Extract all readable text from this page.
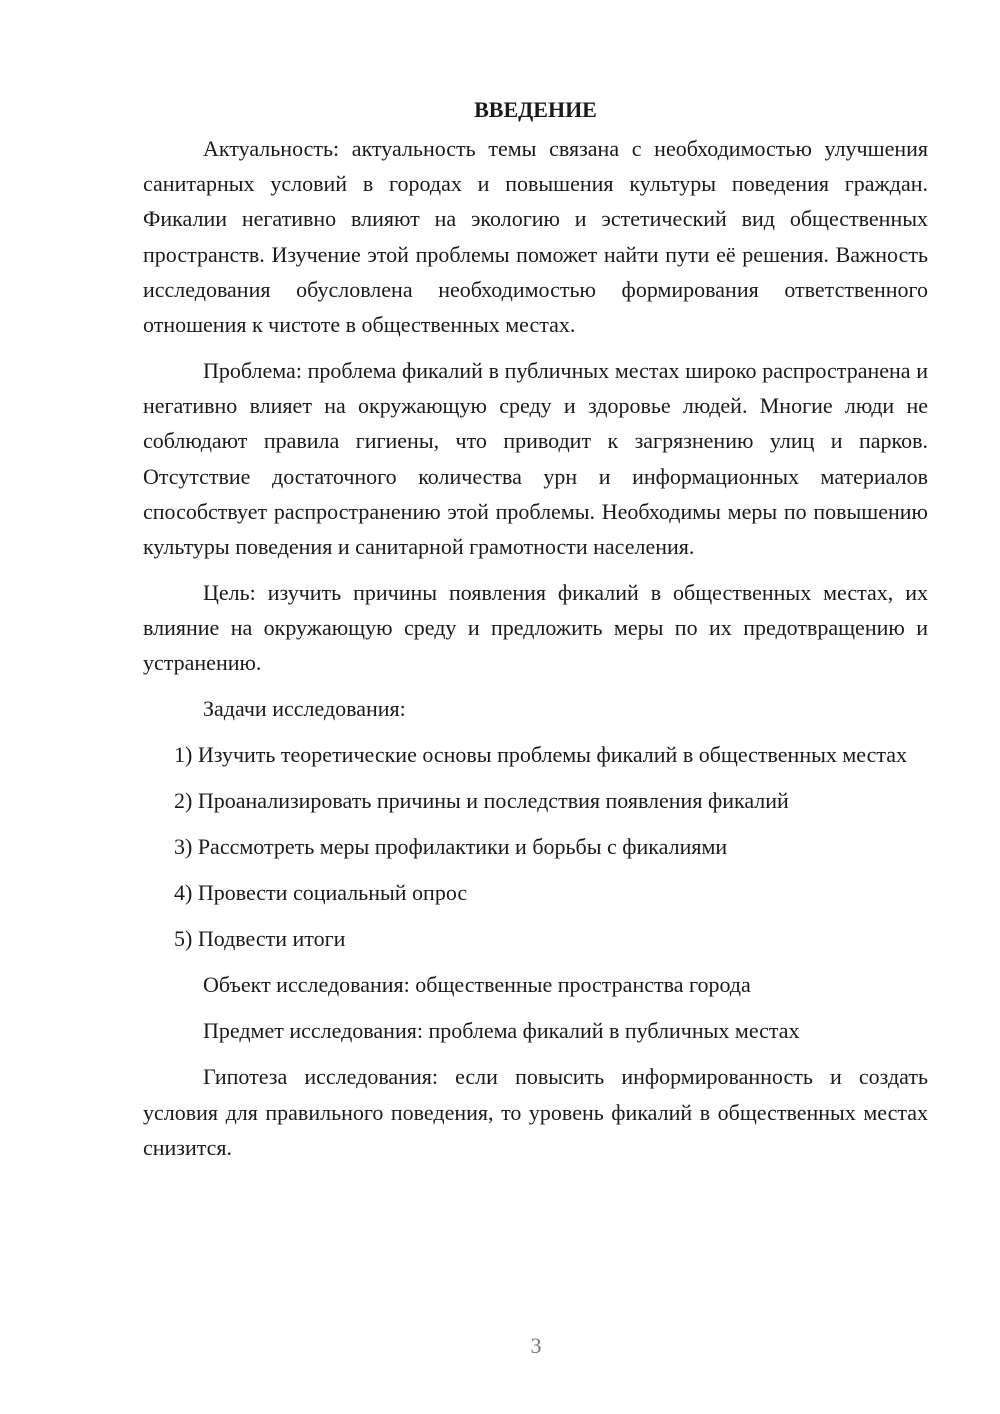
ВВЕДЕНИЕ

Актуальность: актуальность темы связана с необходимостью улучшения санитарных условий в городах и повышения культуры поведения граждан. Фикалии негативно влияют на экологию и эстетический вид общественных пространств. Изучение этой проблемы поможет найти пути её решения. Важность исследования обусловлена необходимостью формирования ответственного отношения к чистоте в общественных местах.

Проблема: проблема фикалий в публичных местах широко распространена и негативно влияет на окружающую среду и здоровье людей. Многие люди не соблюдают правила гигиены, что приводит к загрязнению улиц и парков. Отсутствие достаточного количества урн и информационных материалов способствует распространению этой проблемы. Необходимы меры по повышению культуры поведения и санитарной грамотности населения.

Цель: изучить причины появления фикалий в общественных местах, их влияние на окружающую среду и предложить меры по их предотвращению и устранению.

Задачи исследования:

1) Изучить теоретические основы проблемы фикалий в общественных местах

2) Проанализировать причины и последствия появления фикалий

3) Рассмотреть меры профилактики и борьбы с фикалиями

4) Провести социальный опрос

5) Подвести итоги

Объект исследования: общественные пространства города

Предмет исследования: проблема фикалий в публичных местах

Гипотеза исследования: если повысить информированность и создать условия для правильного поведения, то уровень фикалий в общественных местах снизится.

3
